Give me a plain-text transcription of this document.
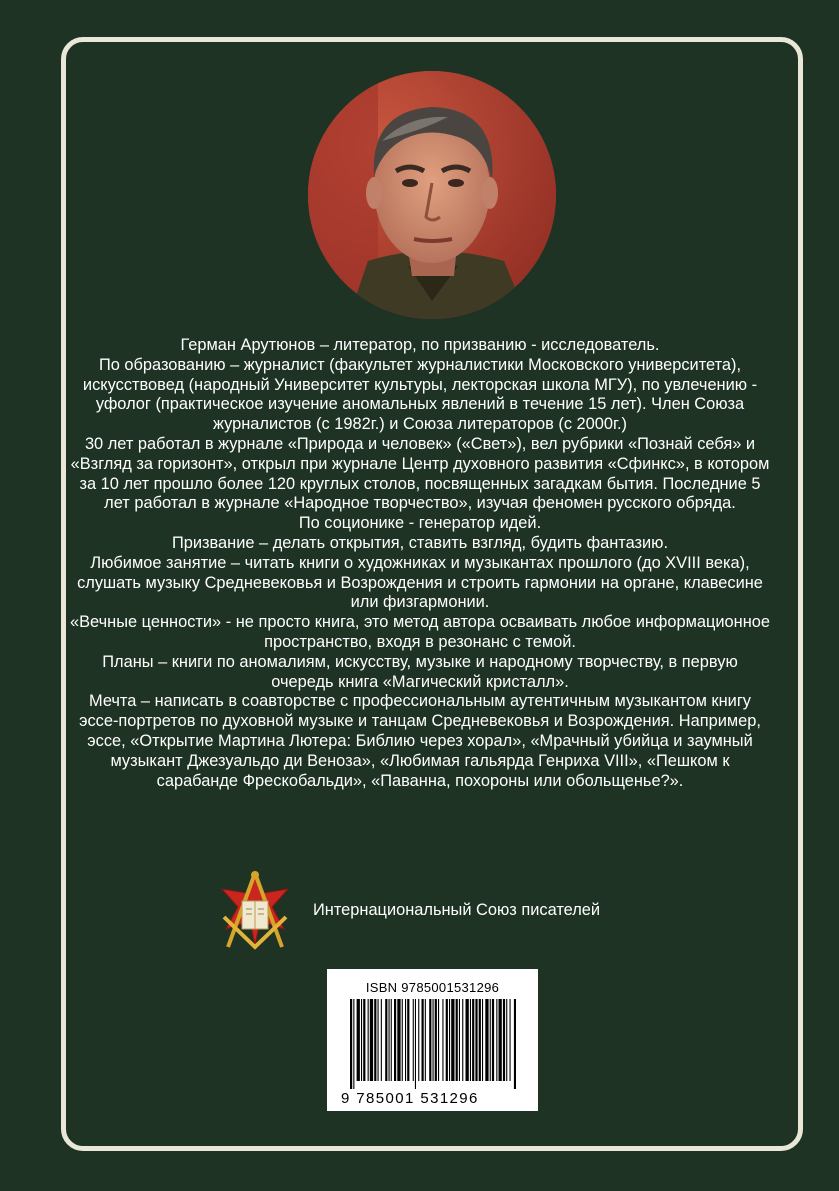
Герман Арутюнов – литератор, по призванию - исследователь.

По образованию – журналист (факультет журналистики Московского университета), искусствовед (народный Университет культуры, лекторская школа МГУ), по увлечению - уфолог (практическое изучение аномальных явлений в течение 15 лет). Член Союза журналистов (с 1982г.) и Союза литераторов (с 2000г.)

30 лет работал в журнале «Природа и человек» («Свет»), вел рубрики «Познай себя» и «Взгляд за горизонт», открыл при журнале Центр духовного развития «Сфинкс», в котором за 10 лет прошло более 120 круглых столов, посвященных загадкам бытия. Последние 5 лет работал в журнале «Народное творчество», изучая феномен русского обряда.

По соционике - генератор идей.

Призвание – делать открытия, ставить взгляд, будить фантазию.

Любимое занятие – читать книги о художниках и музыкантах прошлого (до XVIII века), слушать музыку Средневековья и Возрождения и строить гармонии на органе, клавесине или физгармонии.

«Вечные ценности» - не просто книга, это метод автора осваивать любое информационное пространство, входя в резонанс с темой.

Планы – книги по аномалиям, искусству, музыке и народному творчеству, в первую очередь книга «Магический кристалл».

Мечта – написать в соавторстве с профессиональным аутентичным музыкантом книгу эссе-портретов по духовной музыке и танцам Средневековья и Возрождения. Например, эссе, «Открытие Мартина Лютера: Библию через хорал», «Мрачный убийца и заумный музыкант Джезуальдо ди Веноза», «Любимая гальярда Генриха VIII», «Пешком к сарабанде Фрескобальди», «Паванна, похороны или обольщенье?».

Интернациональный Союз писателей
ISBN 9785001531296
9 785001 531296
